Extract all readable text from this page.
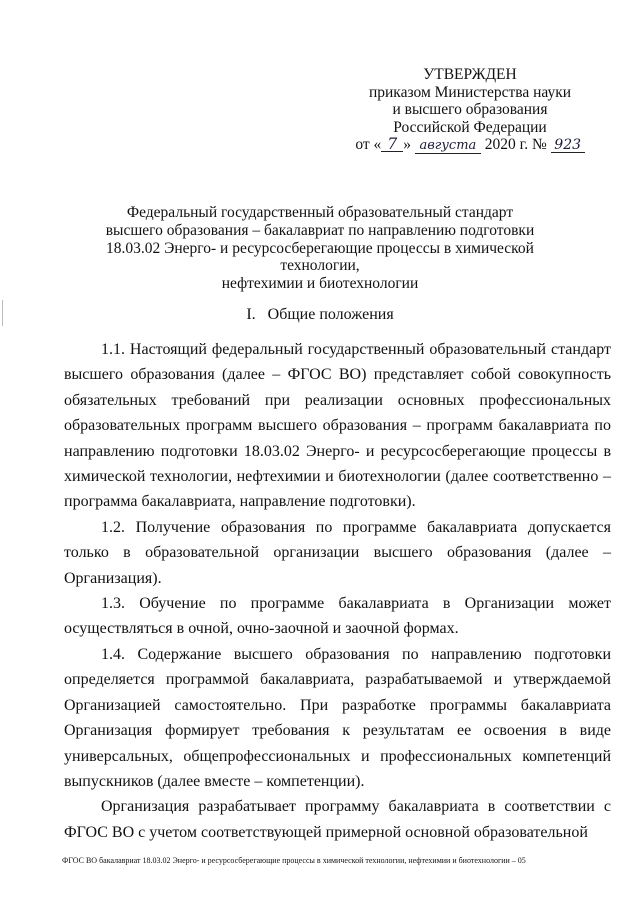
УТВЕРЖДЕН
приказом Министерства науки
и высшего образования
Российской Федерации
от « 7 » августа 2020 г. № 923
Федеральный государственный образовательный стандарт
высшего образования – бакалавриат по направлению подготовки
18.03.02 Энерго- и ресурсосберегающие процессы в химической технологии,
нефтехимии и биотехнологии
I.   Общие положения

1.1. Настоящий федеральный государственный образовательный стандарт высшего образования (далее – ФГОС ВО) представляет собой совокупность обязательных требований при реализации основных профессиональных образовательных программ высшего образования – программ бакалавриата по направлению подготовки 18.03.02 Энерго- и ресурсосберегающие процессы в химической технологии, нефтехимии и биотехнологии (далее соответственно – программа бакалавриата, направление подготовки).

1.2. Получение образования по программе бакалавриата допускается только в образовательной организации высшего образования (далее – Организация).

1.3. Обучение по программе бакалавриата в Организации может осуществляться в очной, очно-заочной и заочной формах.

1.4. Содержание высшего образования по направлению подготовки определяется программой бакалавриата, разрабатываемой и утверждаемой Организацией самостоятельно. При разработке программы бакалавриата Организация формирует требования к результатам ее освоения в виде универсальных, общепрофессиональных и профессиональных компетенций выпускников (далее вместе – компетенции).

Организация разрабатывает программу бакалавриата в соответствии с ФГОС ВО с учетом соответствующей примерной основной образовательной

ФГОС ВО бакалавриат 18.03.02 Энерго- и ресурсосберегающие процессы в химической технологии, нефтехимии и биотехнологии – 05
